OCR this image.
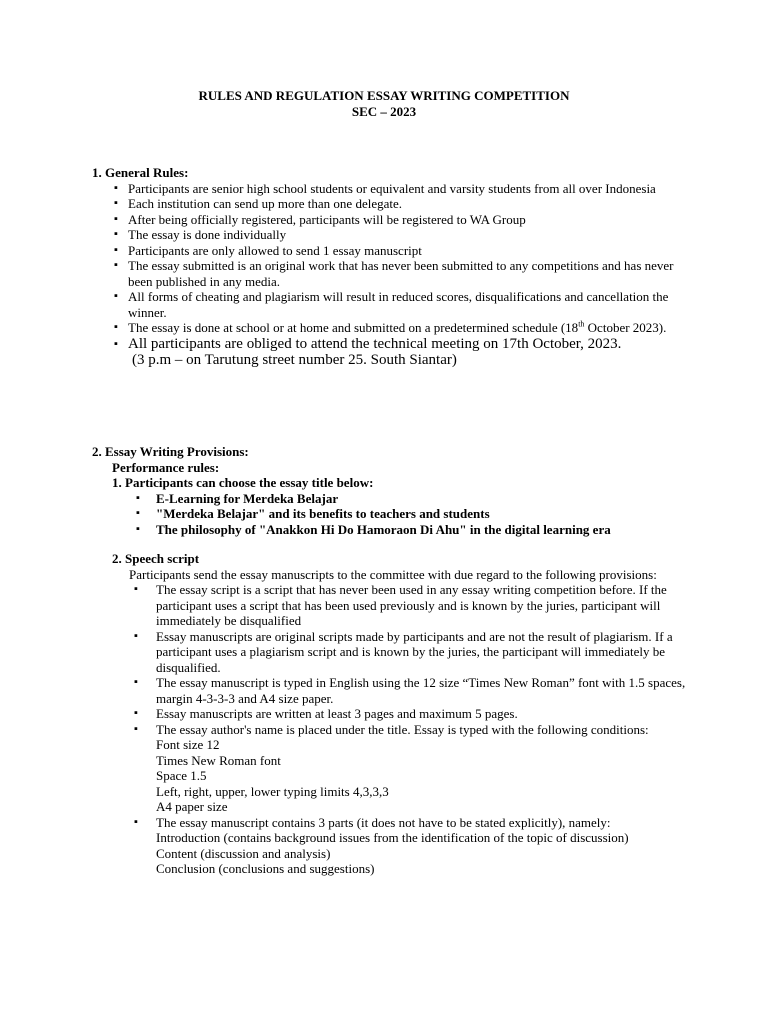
RULES AND REGULATION ESSAY WRITING COMPETITION
SEC – 2023
1. General Rules:
▪ Participants are senior high school students or equivalent and varsity students from all over Indonesia
▪ Each institution can send up more than one delegate.
▪ After being officially registered, participants will be registered to WA Group
▪ The essay is done individually
▪ Participants are only allowed to send 1 essay manuscript
▪ The essay submitted is an original work that has never been submitted to any competitions and has never been published in any media.
▪ All forms of cheating and plagiarism will result in reduced scores, disqualifications and cancellation the winner.
▪ The essay is done at school or at home and submitted on a predetermined schedule (18th October 2023).
▪ All participants are obliged to attend the technical meeting on 17th October, 2023.
(3 p.m – on Tarutung street number 25. South Siantar)
2. Essay Writing Provisions:
Performance rules:
1. Participants can choose the essay title below:
▪ E-Learning for Merdeka Belajar
▪ "Merdeka Belajar" and its benefits to teachers and students
▪ The philosophy of "Anakkon Hi Do Hamoraon Di Ahu" in the digital learning era
2. Speech script
Participants send the essay manuscripts to the committee with due regard to the following provisions:
▪ The essay script is a script that has never been used in any essay writing competition before. If the participant uses a script that has been used previously and is known by the juries, participant will immediately be disqualified
▪ Essay manuscripts are original scripts made by participants and are not the result of plagiarism. If a participant uses a plagiarism script and is known by the juries, the participant will immediately be disqualified.
▪ The essay manuscript is typed in English using the 12 size “Times New Roman” font with 1.5 spaces, margin 4-3-3-3 and A4 size paper.
▪ Essay manuscripts are written at least 3 pages and maximum 5 pages.
▪ The essay author's name is placed under the title. Essay is typed with the following conditions:
Font size 12
Times New Roman font
Space 1.5
Left, right, upper, lower typing limits 4,3,3,3
A4 paper size
▪ The essay manuscript contains 3 parts (it does not have to be stated explicitly), namely:
Introduction (contains background issues from the identification of the topic of discussion)
Content (discussion and analysis)
Conclusion (conclusions and suggestions)
